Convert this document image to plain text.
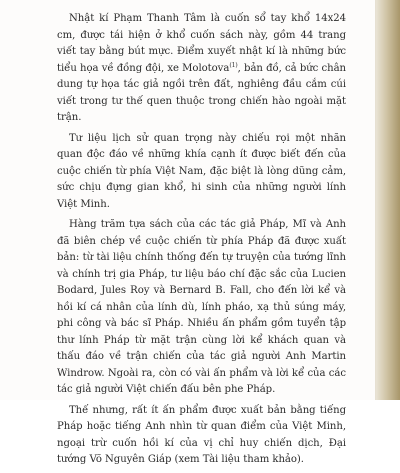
Nhật kí Phạm Thanh Tâm là cuốn sổ tay khổ 14x24 cm, được tái hiện ở khổ cuốn sách này, gồm 44 trang viết tay bằng bút mực. Điểm xuyết nhật kí là những bức tiểu họa về đồng đội, xe Molotova$^{(1)}$, bản đồ, cả bức chân dung tự họa tác giả ngồi trên đất, nghiêng đầu cắm cúi viết trong tư thế quen thuộc trong chiến hào ngoài mặt trận.

Tư liệu lịch sử quan trọng này chiếu rọi một nhãn quan độc đáo về những khía cạnh ít được biết đến của cuộc chiến từ phía Việt Nam, đặc biệt là lòng dũng cảm, sức chịu đựng gian khổ, hi sinh của những người lính Việt Minh.

Hàng trăm tựa sách của các tác giả Pháp, Mĩ và Anh đã biên chép về cuộc chiến từ phía Pháp đã được xuất bản: từ tài liệu chính thống đến tự truyện của tướng lĩnh và chính trị gia Pháp, tư liệu báo chí đặc sắc của Lucien Bodard, Jules Roy và Bernard B. Fall, cho đến lời kể và hồi kí cá nhân của lính dù, lính pháo, xạ thủ súng máy, phi công và bác sĩ Pháp. Nhiều ấn phẩm gồm tuyển tập thư lính Pháp từ mặt trận cùng lời kể khách quan và thấu đáo về trận chiến của tác giả người Anh Martin Windrow. Ngoài ra, còn có vài ấn phẩm và lời kể của các tác giả người Việt chiến đấu bên phe Pháp.

Thế nhưng, rất ít ấn phẩm được xuất bản bằng tiếng Pháp hoặc tiếng Anh nhìn từ quan điểm của Việt Minh, ngoại trừ cuốn hồi kí của vị chỉ huy chiến dịch, Đại tướng Võ Nguyên Giáp (xem Tài liệu tham khảo).
